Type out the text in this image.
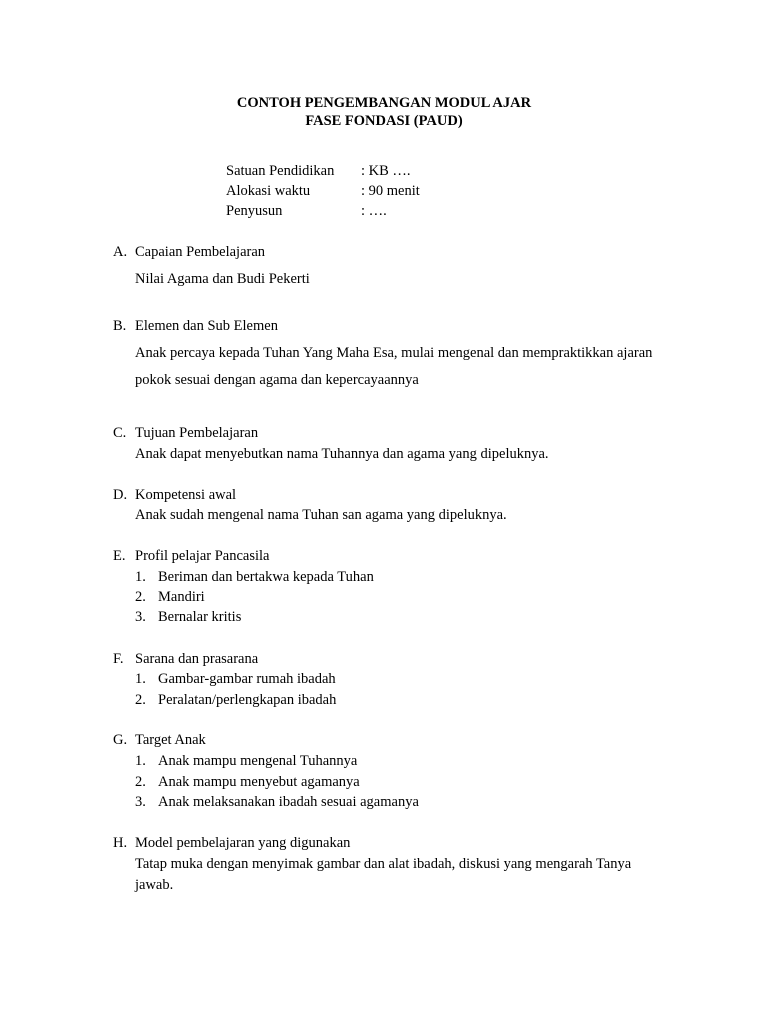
CONTOH PENGEMBANGAN MODUL AJAR
FASE FONDASI (PAUD)
Satuan Pendidikan : KB ….
Alokasi waktu	: 90 menit
Penyusun	: ….
A. Capaian Pembelajaran
Nilai Agama dan Budi Pekerti
B. Elemen dan Sub Elemen
Anak percaya kepada Tuhan Yang Maha Esa, mulai mengenal dan mempraktikkan ajaran
pokok sesuai dengan agama dan kepercayaannya
C. Tujuan Pembelajaran
Anak dapat menyebutkan nama Tuhannya dan agama yang dipeluknya.
D. Kompetensi awal
Anak sudah mengenal nama Tuhan san agama yang dipeluknya.
E. Profil pelajar Pancasila
1. Beriman dan bertakwa kepada Tuhan
2. Mandiri
3. Bernalar kritis
F. Sarana dan prasarana
1. Gambar-gambar rumah ibadah
2. Peralatan/perlengkapan ibadah
G. Target Anak
1. Anak mampu mengenal Tuhannya
2. Anak mampu menyebut agamanya
3. Anak melaksanakan ibadah sesuai agamanya
H. Model pembelajaran yang digunakan
Tatap muka dengan menyimak gambar dan alat ibadah, diskusi yang mengarah Tanya
jawab.
